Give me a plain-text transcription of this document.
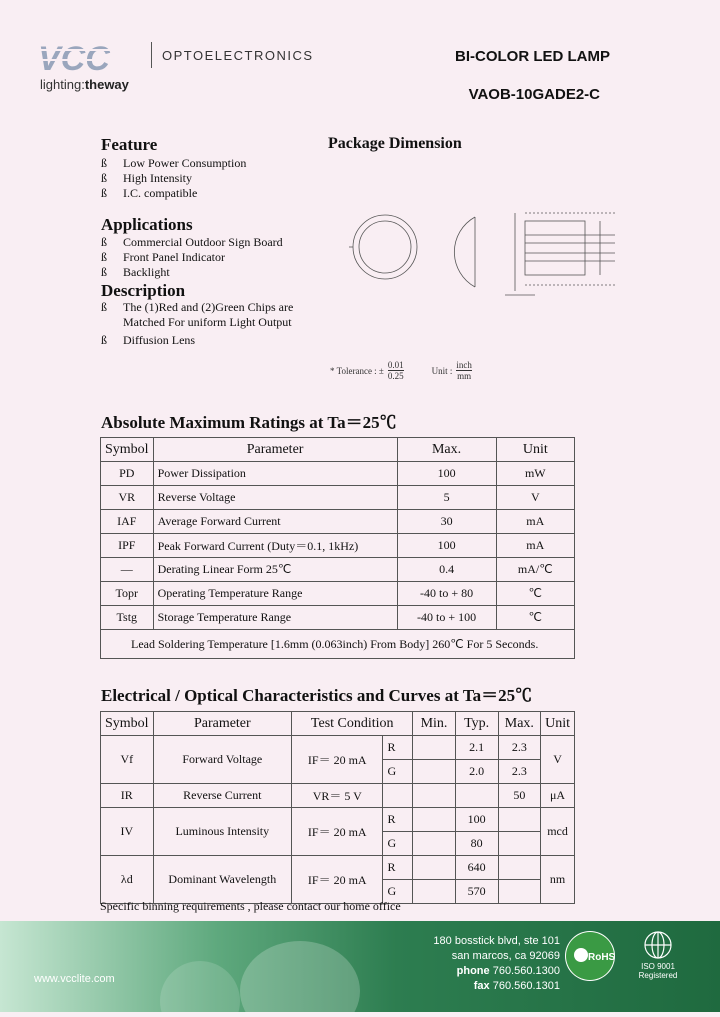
VCC	OPTOELECTRONICS
lighting:theway
BI-COLOR LED LAMP
VAOB-10GADE2-C
Feature
ß	Low Power Consumption
ß	High Intensity
ß	I.C. compatible
Applications
ß	Commercial Outdoor Sign Board
ß	Front Panel Indicator
ß	Backlight
Description
ß	The (1)Red and (2)Green Chips are
Matched For uniform Light Output
ß	Diffusion Lens
Package Dimension
* Tolerance : ± $\frac{0.01}{0.25}$	Unit :
inch
mm
Absolute Maximum Ratings at Ta＝25℃
Symbol	Parameter	Max.	Unit
PD	Power Dissipation	100	mW
VR	Reverse Voltage	5	V
IAF	Average Forward Current	30	mA
IPF	Peak Forward Current (Duty＝0.1, 1kHz)	100	mA
—	Derating Linear Form 25℃	0.4	mA/℃
Topr	Operating Temperature Range	-40 to + 80	℃
Tstg	Storage Temperature Range	-40 to + 100	℃
Lead Soldering Temperature [1.6mm (0.063inch) From Body] 260℃ For 5 Seconds.			
Electrical / Optical Characteristics and Curves at Ta＝25℃
Symbol	Parameter	Test Condition		Min.	Typ.	Max.	Unit
Vf	Forward Voltage	IF＝ 20 mA	R		2.1	2.3	V
			G		2.0	2.3	
IR	Reverse Current	VR＝ 5 V				50	μA
IV	Luminous Intensity	IF＝ 20 mA	R		100		mcd
			G		80		
λd	Dominant Wavelength	IF＝ 20 mA	R		640		nm
			G		570		
Specific binning requirements , please contact our home office
180 bosstick blvd, ste 101
san marcos, ca 92069
phone 760.560.1300
fax 760.560.1301
www.vcclite.com
RoHS
ISO 9001
Registered
